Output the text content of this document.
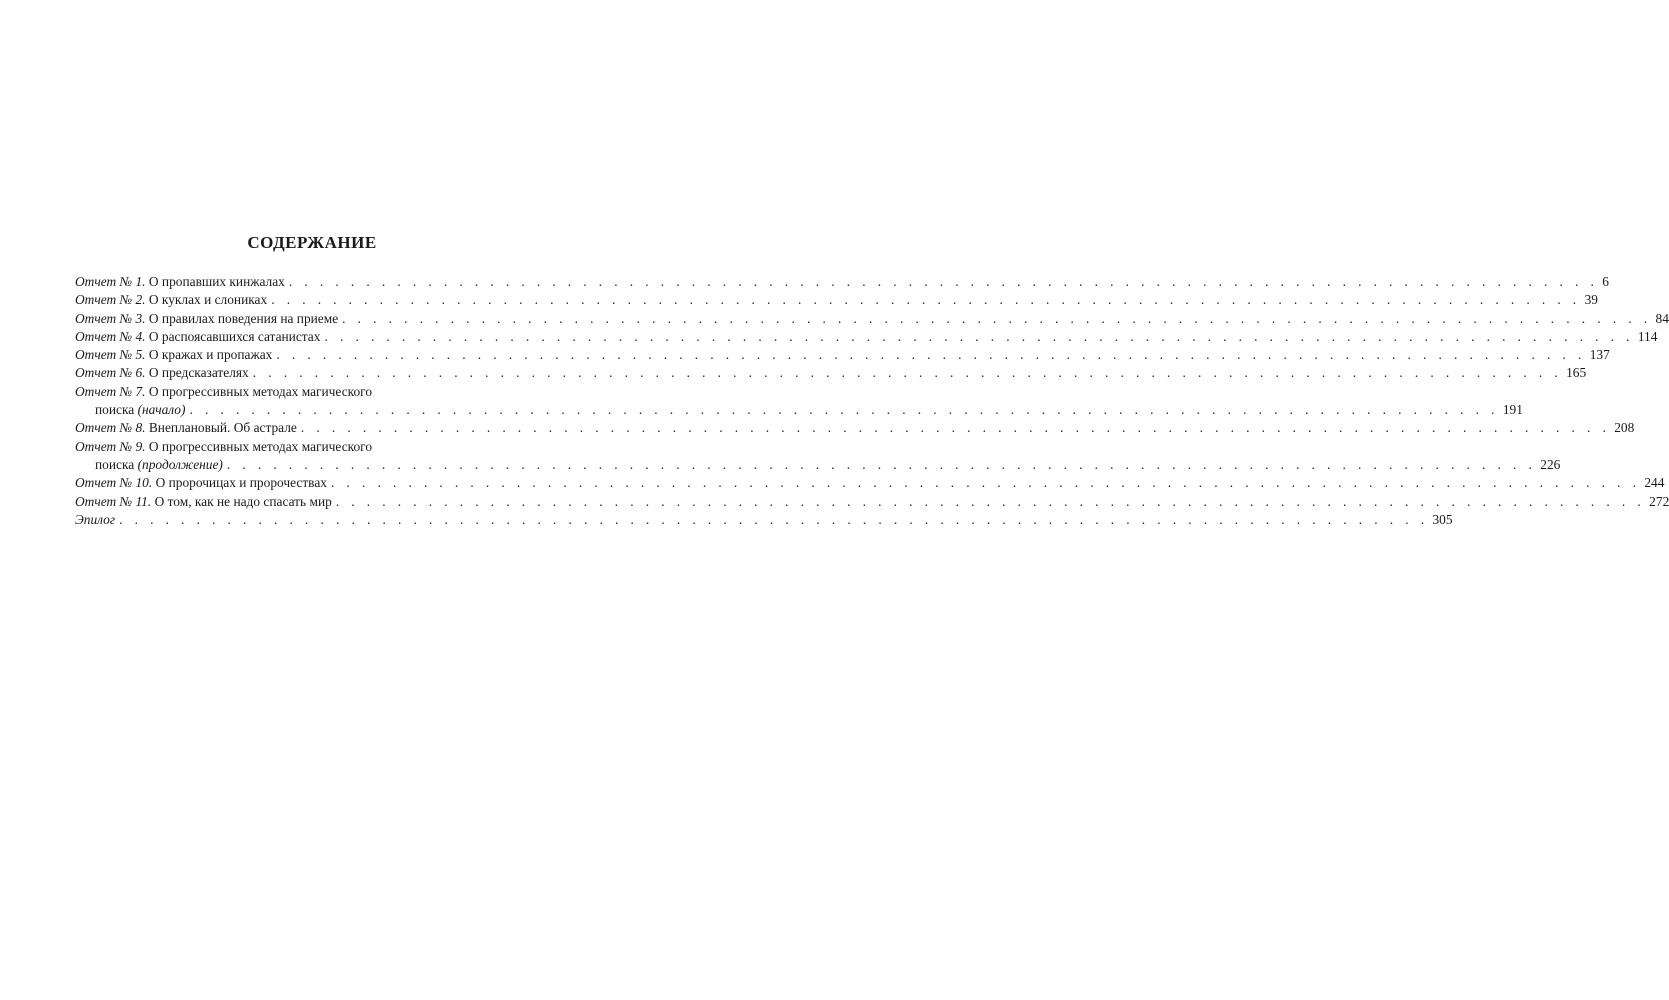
СОДЕРЖАНИЕ
Отчет № 1. О пропавших кинжалах . . . . . . . . . . . . . . . . . . . . . . . . . . . . . . . . . . . . . . . . . . . . . . . . . . . . . . . . . . . . . . . . . . . . . . . . . . . . . . . . . . . . . 6
Отчет № 2. О куклах и слониках . . . . . . . . . . . . . . . . . . . . . . . . . . . . . . . . . . . . . . . . . . . . . . . . . . . . . . . . . . . . . . . . . . . . . . . . . . . . . . . . . . . . . 39
Отчет № 3. О правилах поведения на приеме . . . . . . . . . . . . . . . . . . . . . . . . . . . . . . . . . . . . . . . . . . . . . . . . . . . . . . . . . . . . . . . . . . . . . . . . . . . . . . . . . . . . . 84
Отчет № 4. О распоясавшихся сатанистах . . . . . . . . . . . . . . . . . . . . . . . . . . . . . . . . . . . . . . . . . . . . . . . . . . . . . . . . . . . . . . . . . . . . . . . . . . . . . . . . . . . . . 114
Отчет № 5. О кражах и пропажах . . . . . . . . . . . . . . . . . . . . . . . . . . . . . . . . . . . . . . . . . . . . . . . . . . . . . . . . . . . . . . . . . . . . . . . . . . . . . . . . . . . . . 137
Отчет № 6. О предсказателях . . . . . . . . . . . . . . . . . . . . . . . . . . . . . . . . . . . . . . . . . . . . . . . . . . . . . . . . . . . . . . . . . . . . . . . . . . . . . . . . . . . . . 165
Отчет № 7. О прогрессивных методах магического
поиска (начало) . . . . . . . . . . . . . . . . . . . . . . . . . . . . . . . . . . . . . . . . . . . . . . . . . . . . . . . . . . . . . . . . . . . . . . . . . . . . . . . . . . . . . 191
Отчет № 8. Внеплановый. Об астрале . . . . . . . . . . . . . . . . . . . . . . . . . . . . . . . . . . . . . . . . . . . . . . . . . . . . . . . . . . . . . . . . . . . . . . . . . . . . . . . . . . . . . 208
Отчет № 9. О прогрессивных методах магического
поиска (продолжение) . . . . . . . . . . . . . . . . . . . . . . . . . . . . . . . . . . . . . . . . . . . . . . . . . . . . . . . . . . . . . . . . . . . . . . . . . . . . . . . . . . . . . 226
Отчет № 10. О пророчицах и пророчествах . . . . . . . . . . . . . . . . . . . . . . . . . . . . . . . . . . . . . . . . . . . . . . . . . . . . . . . . . . . . . . . . . . . . . . . . . . . . . . . . . . . . . 244
Отчет № 11. О том, как не надо спасать мир . . . . . . . . . . . . . . . . . . . . . . . . . . . . . . . . . . . . . . . . . . . . . . . . . . . . . . . . . . . . . . . . . . . . . . . . . . . . . . . . . . . . . 272
Эпилог . . . . . . . . . . . . . . . . . . . . . . . . . . . . . . . . . . . . . . . . . . . . . . . . . . . . . . . . . . . . . . . . . . . . . . . . . . . . . . . . . . . . . 305
